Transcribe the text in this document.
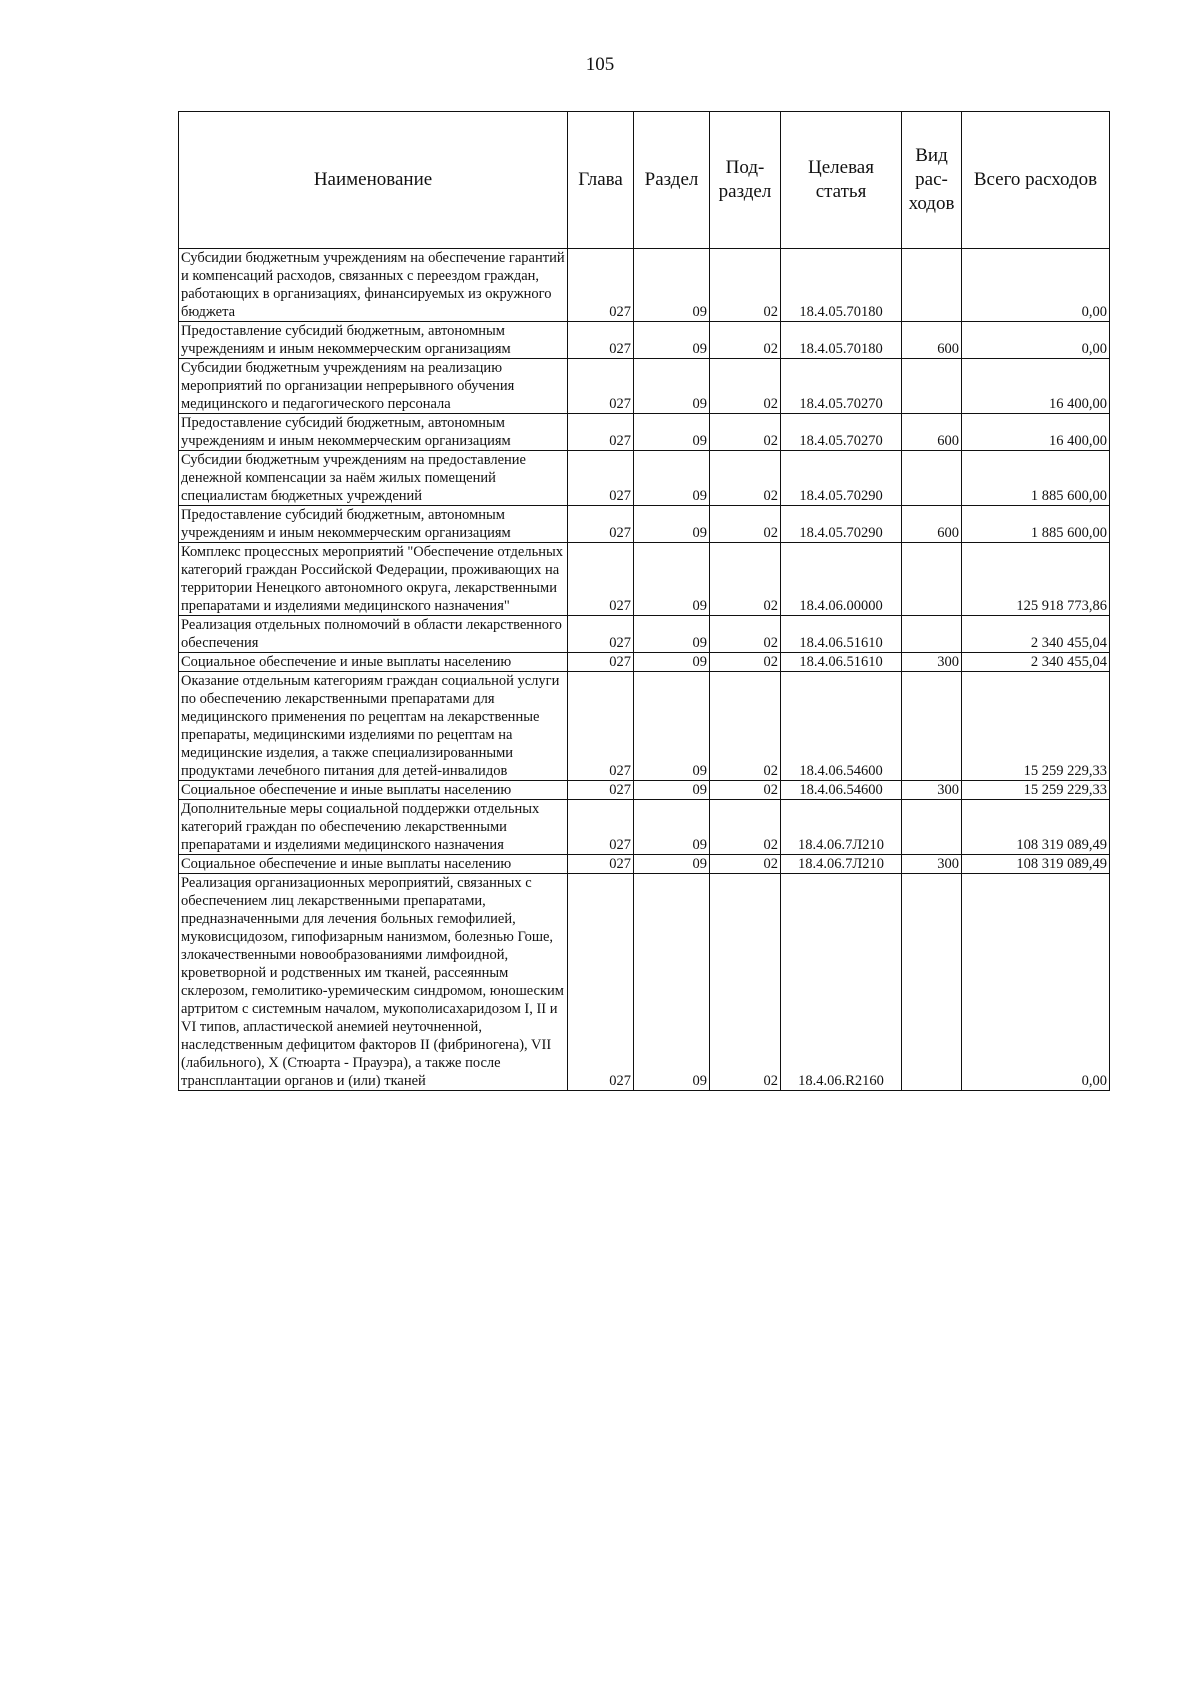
105
Наименование	Глава	Раздел	Под-раздел	Целевая статья	Вид рас-ходов	Всего расходов
Субсидии бюджетным учреждениям на обеспечение гарантий и компенсаций расходов, связанных с переездом граждан, работающих в организациях, финансируемых из окружного бюджета	027	09	02	18.4.05.70180		0,00
Предоставление субсидий бюджетным, автономным учреждениям и иным некоммерческим организациям	027	09	02	18.4.05.70180	600	0,00
Субсидии бюджетным учреждениям на реализацию мероприятий по организации непрерывного обучения медицинского и педагогического персонала	027	09	02	18.4.05.70270		16 400,00
Предоставление субсидий бюджетным, автономным учреждениям и иным некоммерческим организациям	027	09	02	18.4.05.70270	600	16 400,00
Субсидии бюджетным учреждениям на предоставление денежной компенсации за наём жилых помещений специалистам бюджетных учреждений	027	09	02	18.4.05.70290		1 885 600,00
Предоставление субсидий бюджетным, автономным учреждениям и иным некоммерческим организациям	027	09	02	18.4.05.70290	600	1 885 600,00
Комплекс процессных мероприятий "Обеспечение отдельных категорий граждан Российской Федерации, проживающих на территории Ненецкого автономного округа, лекарственными препаратами и изделиями медицинского назначения"	027	09	02	18.4.06.00000		125 918 773,86
Реализация отдельных полномочий в области лекарственного обеспечения	027	09	02	18.4.06.51610		2 340 455,04
Социальное обеспечение и иные выплаты населению	027	09	02	18.4.06.51610	300	2 340 455,04
Оказание отдельным категориям граждан социальной услуги по обеспечению лекарственными препаратами для медицинского применения по рецептам на лекарственные препараты, медицинскими изделиями по рецептам на медицинские изделия, а также специализированными продуктами лечебного питания для детей-инвалидов	027	09	02	18.4.06.54600		15 259 229,33
Социальное обеспечение и иные выплаты населению	027	09	02	18.4.06.54600	300	15 259 229,33
Дополнительные меры социальной поддержки отдельных категорий граждан по обеспечению лекарственными препаратами и изделиями медицинского назначения	027	09	02	18.4.06.7Л210		108 319 089,49
Социальное обеспечение и иные выплаты населению	027	09	02	18.4.06.7Л210	300	108 319 089,49
Реализация организационных мероприятий, связанных с обеспечением лиц лекарственными препаратами, предназначенными для лечения больных гемофилией, муковисцидозом, гипофизарным нанизмом, болезнью Гоше, злокачественными новообразованиями лимфоидной, кроветворной и родственных им тканей, рассеянным склерозом, гемолитико-уремическим синдромом, юношеским артритом с системным началом, мукополисахаридозом I, II и VI типов, апластической анемией неуточненной, наследственным дефицитом факторов II (фибриногена), VII (лабильного), X (Стюарта - Прауэра), а также после трансплантации органов и (или) тканей	027	09	02	18.4.06.R2160		0,00
